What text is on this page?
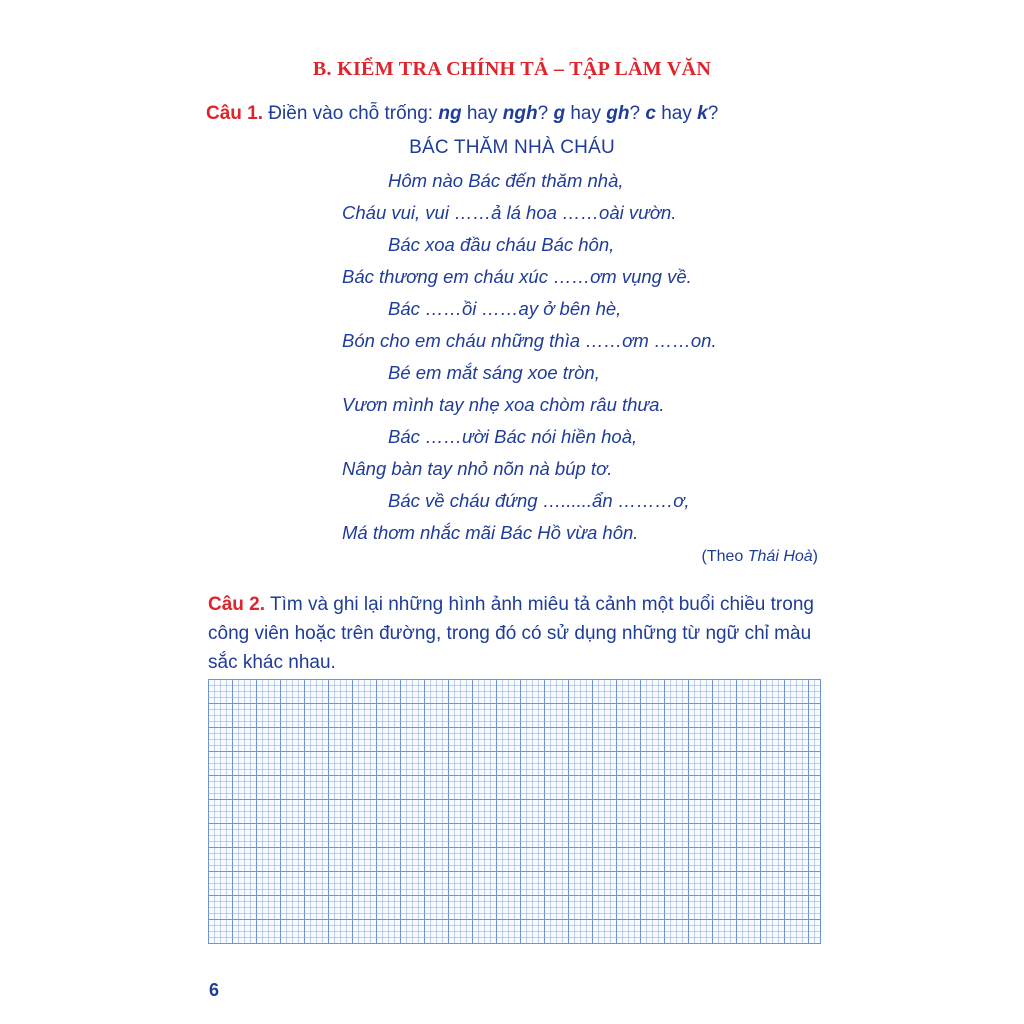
B. KIỂM TRA CHÍNH TẢ – TẬP LÀM VĂN
Câu 1. Điền vào chỗ trống: ng hay ngh? g hay gh? c hay k?
BÁC THĂM NHÀ CHÁU
Hôm nào Bác đến thăm nhà,
Cháu vui, vui ……ả lá hoa ……oài vườn.
Bác xoa đầu cháu Bác hôn,
Bác thương em cháu xúc ……ơm vụng về.
Bác ……ồi ……ay ở bên hè,
Bón cho em cháu những thìa ……ơm ……on.
Bé em mắt sáng xoe tròn,
Vươn mình tay nhẹ xoa chòm râu thưa.
Bác ……ười Bác nói hiền hoà,
Nâng bàn tay nhỏ nõn nà búp tơ.
Bác về cháu đứng …......ẩn ………ơ,
Má thơm nhắc mãi Bác Hồ vừa hôn.
(Theo Thái Hoà)
Câu 2. Tìm và ghi lại những hình ảnh miêu tả cảnh một buổi chiều trong công viên hoặc trên đường, trong đó có sử dụng những từ ngữ chỉ màu sắc khác nhau.
6
